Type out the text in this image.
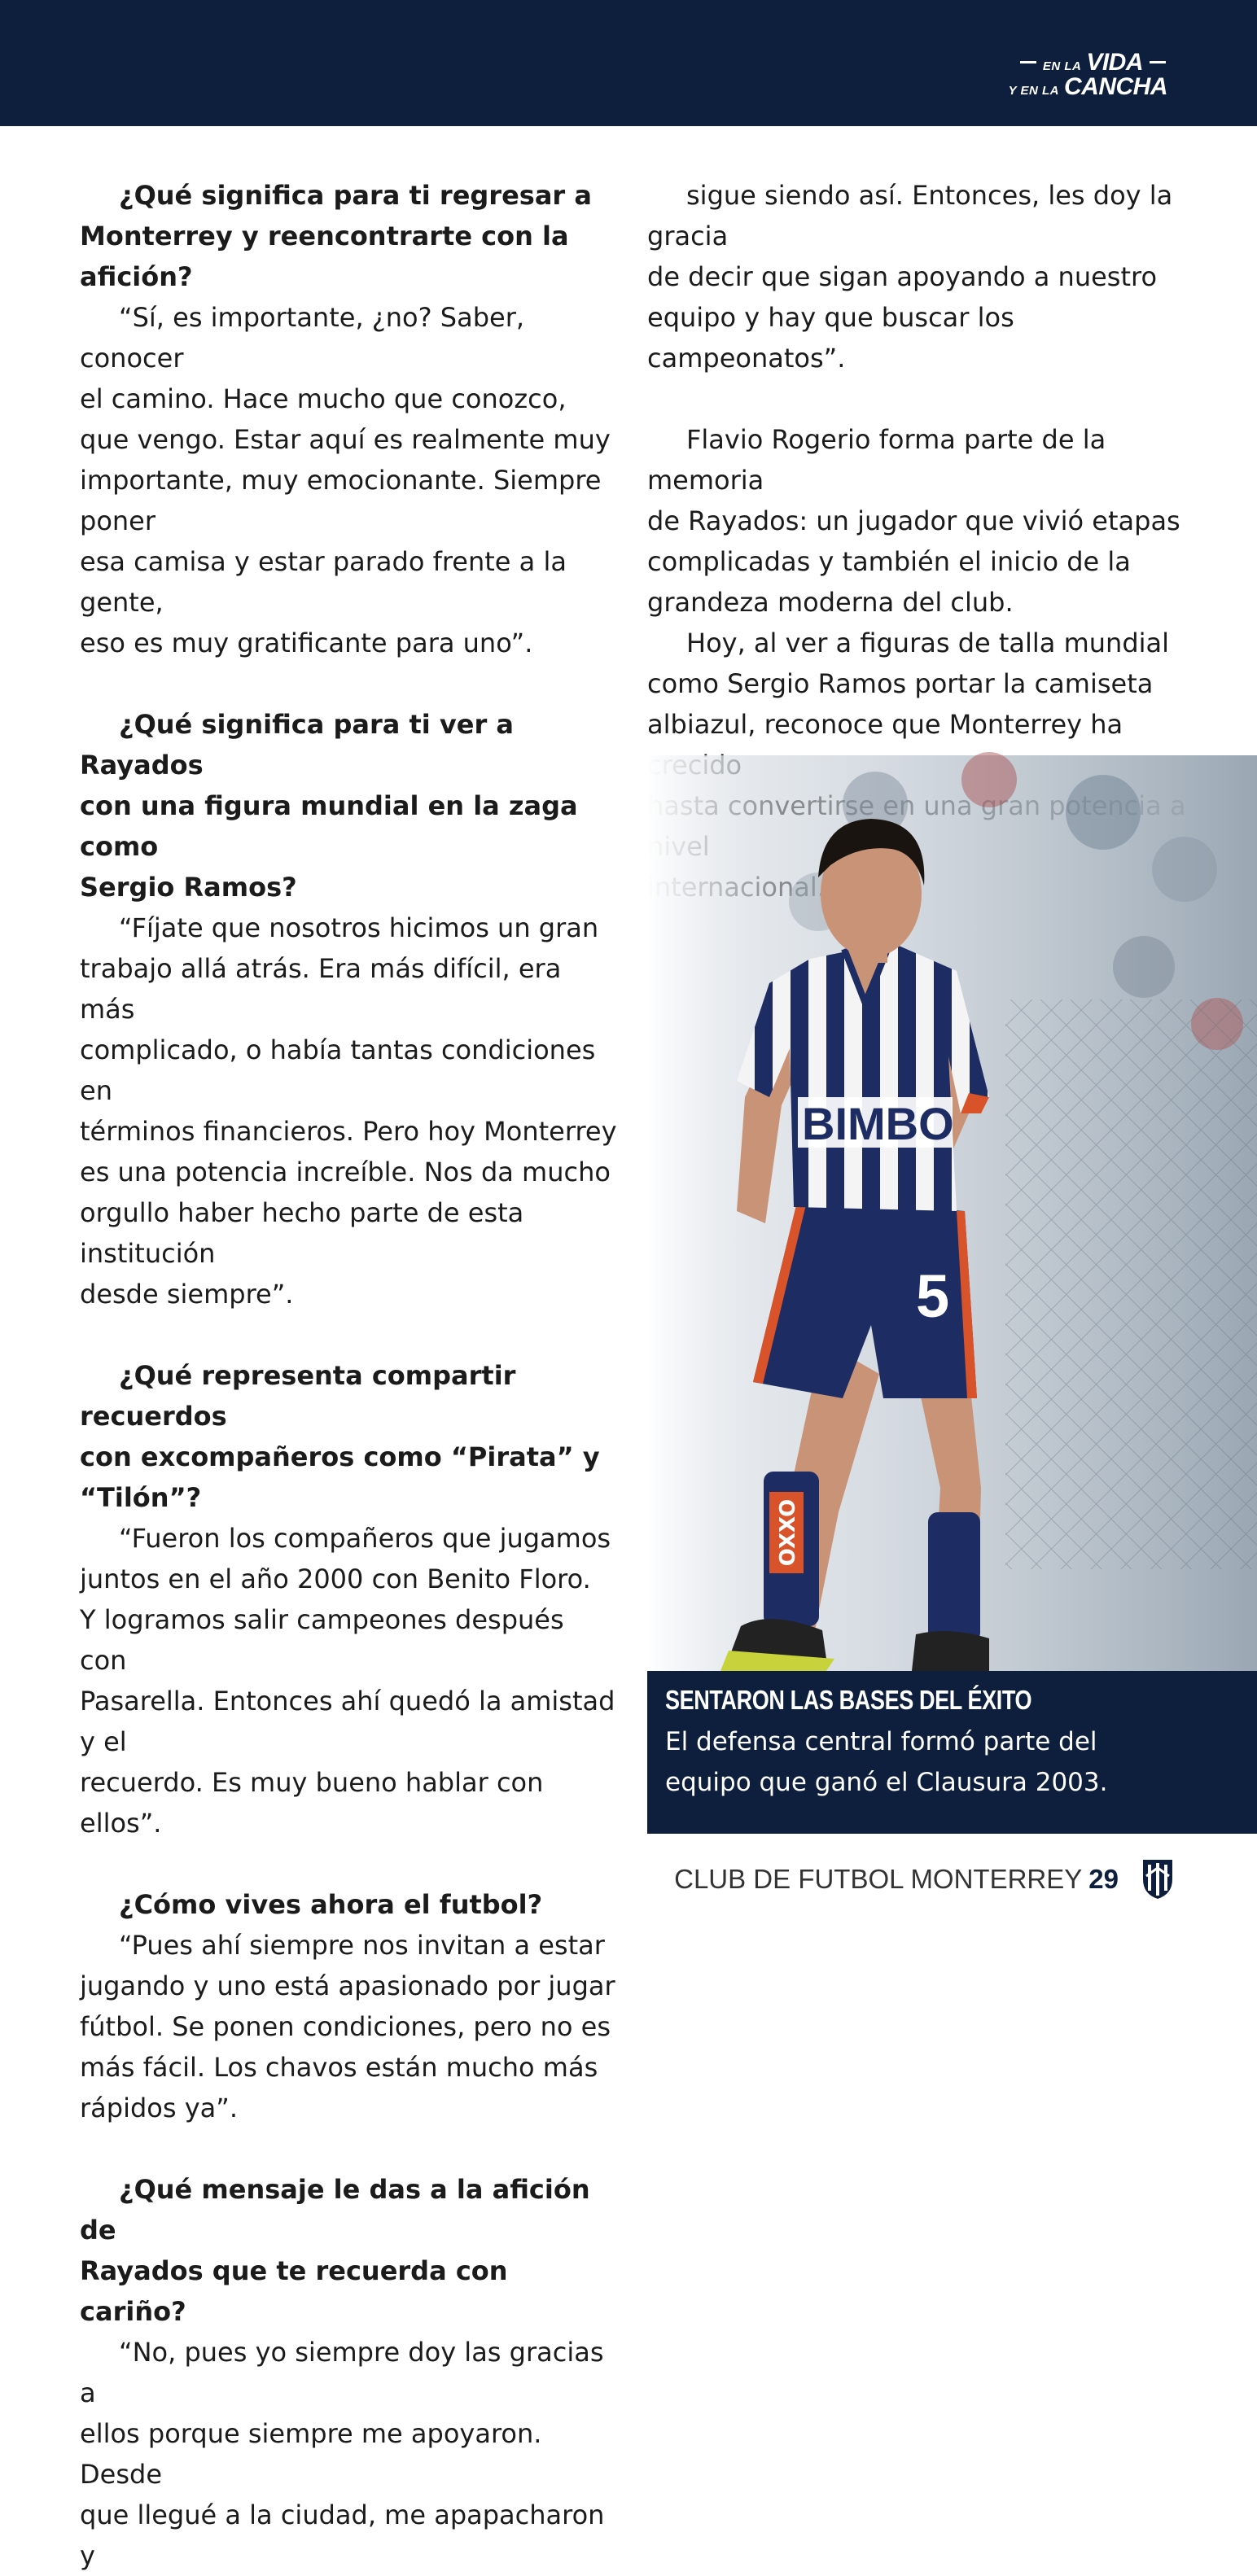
EN LA VIDA
Y EN LA CANCHA
¿Qué significa para ti regresar a
Monterrey y reencontrarte con la afición?
“Sí, es importante, ¿no? Saber, conocer
el camino. Hace mucho que conozco,
que vengo. Estar aquí es realmente muy
importante, muy emocionante. Siempre poner
esa camisa y estar parado frente a la gente,
eso es muy gratificante para uno”.
¿Qué significa para ti ver a Rayados
con una figura mundial en la zaga como
Sergio Ramos?
“Fíjate que nosotros hicimos un gran
trabajo allá atrás. Era más difícil, era más
complicado, o había tantas condiciones en
términos financieros. Pero hoy Monterrey
es una potencia increíble. Nos da mucho
orgullo haber hecho parte de esta institución
desde siempre”.
¿Qué representa compartir recuerdos
con excompañeros como “Pirata” y
“Tilón”?
“Fueron los compañeros que jugamos
juntos en el año 2000 con Benito Floro.
Y logramos salir campeones después con
Pasarella. Entonces ahí quedó la amistad y el
recuerdo. Es muy bueno hablar con ellos”.
¿Cómo vives ahora el futbol?
“Pues ahí siempre nos invitan a estar
jugando y uno está apasionado por jugar
fútbol. Se ponen condiciones, pero no es
más fácil. Los chavos están mucho más
rápidos ya”.
¿Qué mensaje le das a la afición de
Rayados que te recuerda con cariño?
“No, pues yo siempre doy las gracias a
ellos porque siempre me apoyaron. Desde
que llegué a la ciudad, me apapacharon y
sigue siendo así. Entonces, les doy la gracia
de decir que sigan apoyando a nuestro
equipo y hay que buscar los campeonatos”.
Flavio Rogerio forma parte de la memoria
de Rayados: un jugador que vivió etapas
complicadas y también el inicio de la
grandeza moderna del club.
Hoy, al ver a figuras de talla mundial
como Sergio Ramos portar la camiseta
albiazul, reconoce que Monterrey ha

OXXO
5
BIMBO
SENTARON LAS BASES DEL ÉXITO
El defensa central formó parte del
equipo que ganó el Clausura 2003.
CLUB DE FUTBOL MONTERREY 29
